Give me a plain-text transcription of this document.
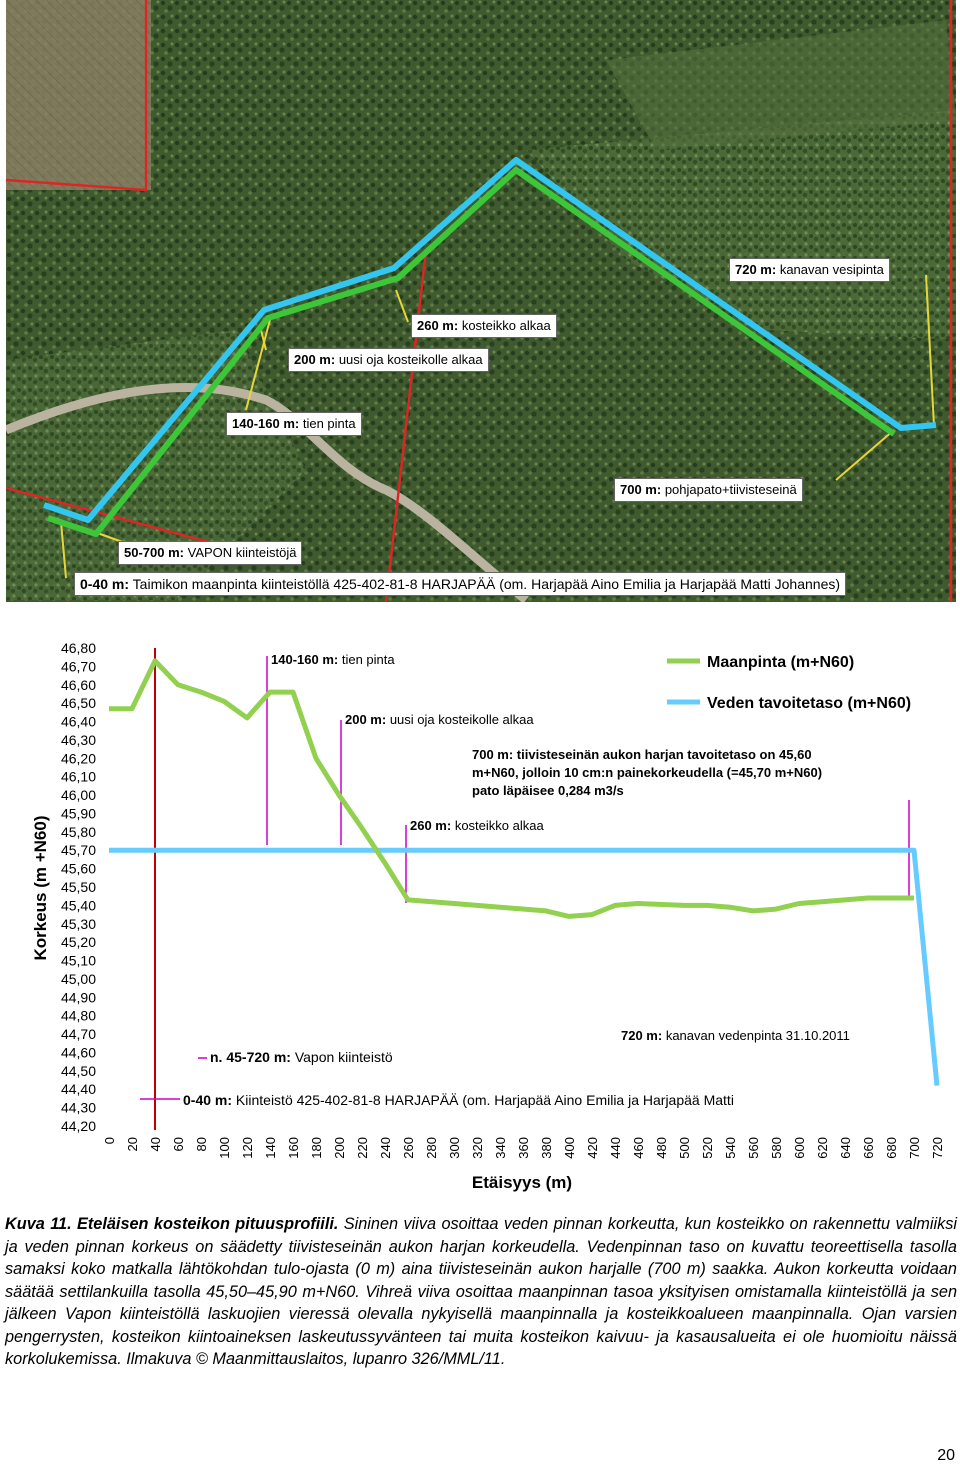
720 m: kanavan vesipinta
260 m: kosteikko alkaa
200 m: uusi oja kosteikolle alkaa
140-160 m: tien pinta
700 m: pohjapato+tiivisteseinä
50-700 m: VAPON kiinteistöjä
0-40 m: Taimikon maanpinta kiinteistöllä 425-402-81-8 HARJAPÄÄ (om. Harjapää Aino Emilia ja Harjapää Matti Johannes)
46,80
46,70
46,60
46,50
46,40
46,30
46,20
46,10
46,00
45,90
45,80
45,70
45,60
45,50
45,40
45,30
45,20
45,10
45,00
44,90
44,80
44,70
44,60
44,50
44,40
44,30
44,20
0 20 40 60 80 100 120 140 160 180 200 220 240 260 280 300 320 340 360 380 400 420 440 460 480 500 520 540 560 580 600 620 640 660 680 700 720
Korkeus (m +N60)
Etäisyys (m)
Maanpinta (m+N60)
Veden tavoitetaso (m+N60)
140-160 m: tien pinta
200 m: uusi oja kosteikolle alkaa
700 m: tiivisteseinän aukon harjan tavoitetaso on 45,60
m+N60, jolloin 10 cm:n painekorkeudella (=45,70 m+N60)
pato läpäisee 0,284 m3/s
260 m: kosteikko alkaa
720 m: kanavan vedenpinta 31.10.2011
n. 45-720 m: Vapon kiinteistö
0-40 m: Kiinteistö 425-402-81-8 HARJAPÄÄ (om. Harjapää Aino Emilia ja Harjapää Matti
Kuva 11. Eteläisen kosteikon pituusprofiili. Sininen viiva osoittaa veden pinnan korkeutta, kun kosteikko on rakennettu valmiiksi ja veden pinnan korkeus on säädetty tiivisteseinän aukon harjan korkeudella. Vedenpinnan taso on kuvattu teoreettisella tasolla samaksi koko matkalla lähtökohdan tulo-ojasta (0 m) aina tiivisteseinän aukon harjalle (700 m) saakka. Aukon korkeutta voidaan säätää settilankuilla tasolla 45,50–45,90 m+N60. Vihreä viiva osoittaa maanpinnan tasoa yksityisen omistamalla kiinteistöllä ja sen jälkeen Vapon kiinteistöllä laskuojien vieressä olevalla nykyisellä maanpinnalla ja kosteikkoalueen maanpinnalla. Ojan varsien pengerrysten, kosteikon kiintoaineksen laskeutussyvänteen tai muita kosteikon kaivuu- ja kasausalueita ei ole huomioitu näissä korkolukemissa. Ilmakuva © Maanmittauslaitos, lupanro 326/MML/11.
20
